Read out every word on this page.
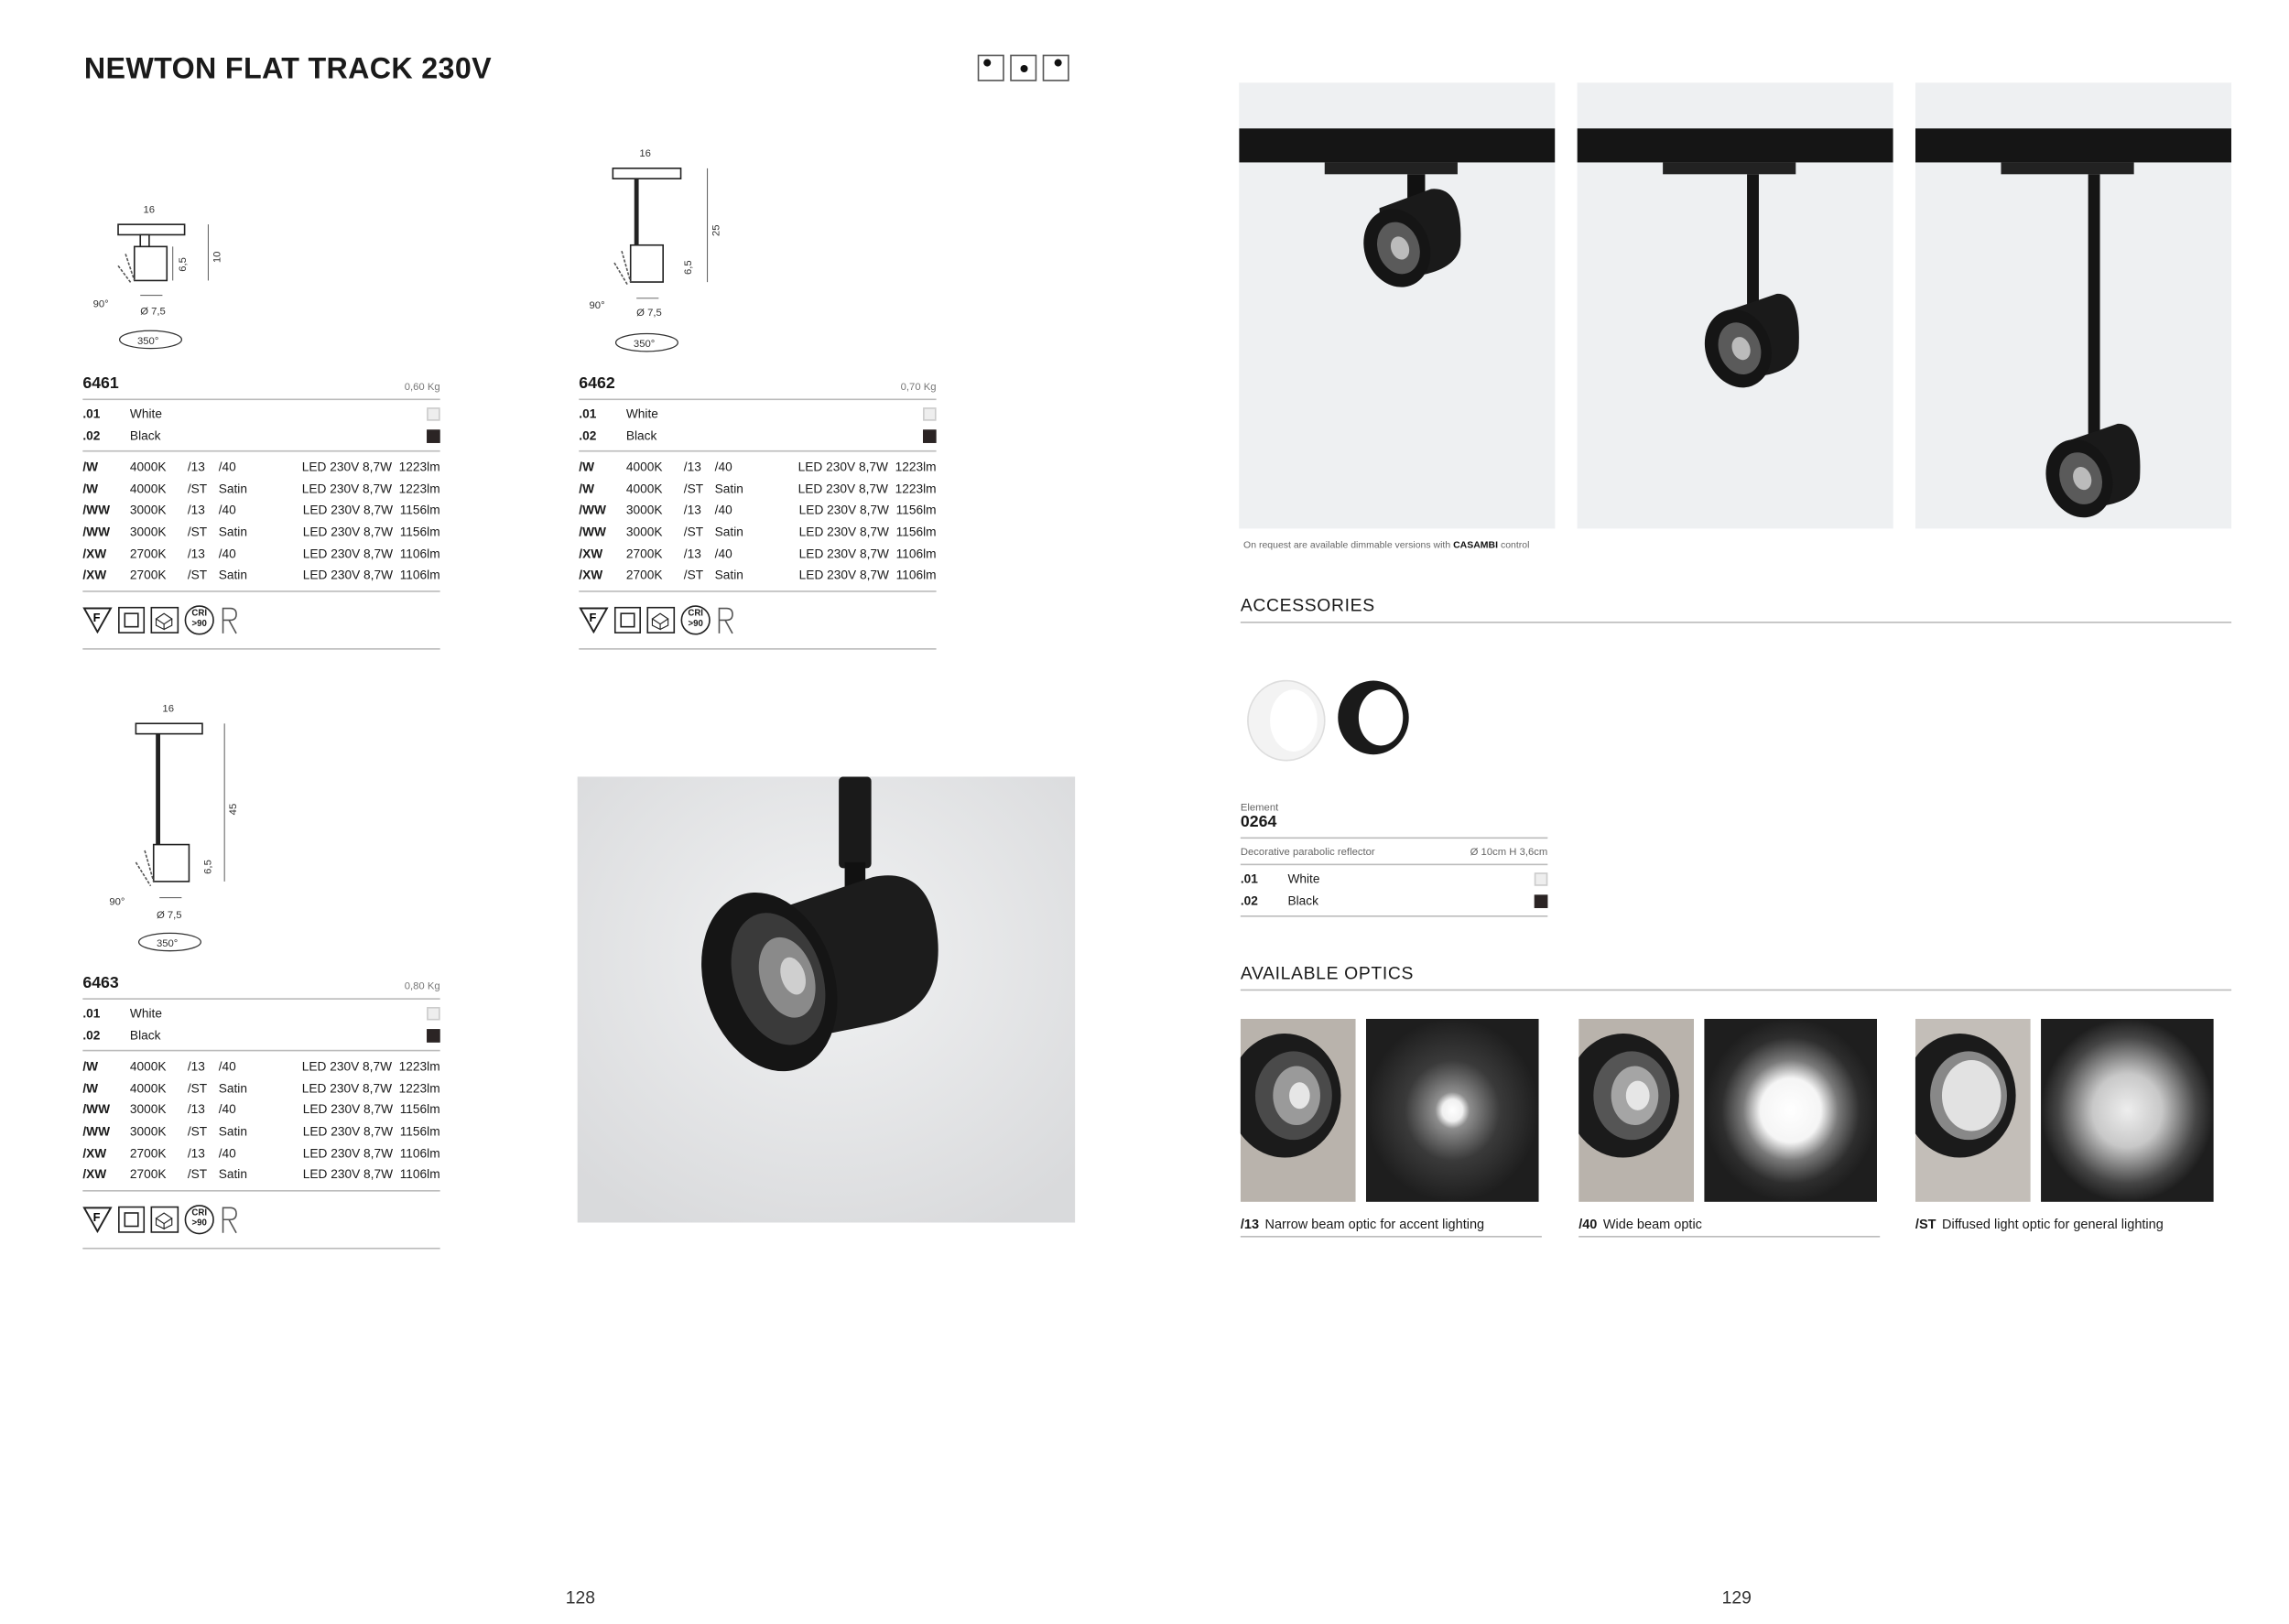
NEWTON FLAT TRACK 230V
16
6,5
10
90°
Ø 7,5
350°
16
25
6,5
90°
Ø 7,5
350°
16
45
6,5
90°
Ø 7,5
350°
6461	0,60 Kg
.01	White
.02	Black
/W	4000K	/13	/40	LED 230V 8,7W 1223lm
/W	4000K	/ST	Satin	LED 230V 8,7W 1223lm
/WW	3000K	/13	/40	LED 230V 8,7W 1156lm
/WW	3000K	/ST	Satin	LED 230V 8,7W 1156lm
/XW	2700K	/13	/40	LED 230V 8,7W 1106lm
/XW	2700K	/ST	Satin	LED 230V 8,7W 1106lm
F	CRI
>90
6462	0,70 Kg
.01	White
.02	Black
/W	4000K	/13	/40	LED 230V 8,7W 1223lm
/W	4000K	/ST	Satin	LED 230V 8,7W 1223lm
/WW	3000K	/13	/40	LED 230V 8,7W 1156lm
/WW	3000K	/ST	Satin	LED 230V 8,7W 1156lm
/XW	2700K	/13	/40	LED 230V 8,7W 1106lm
/XW	2700K	/ST	Satin	LED 230V 8,7W 1106lm
F	CRI
>90
6463	0,80 Kg
.01	White
.02	Black
/W	4000K	/13	/40	LED 230V 8,7W 1223lm
/W	4000K	/ST	Satin	LED 230V 8,7W 1223lm
/WW	3000K	/13	/40	LED 230V 8,7W 1156lm
/WW	3000K	/ST	Satin	LED 230V 8,7W 1156lm
/XW	2700K	/13	/40	LED 230V 8,7W 1106lm
/XW	2700K	/ST	Satin	LED 230V 8,7W 1106lm
F	CRI
>90
128
On request are available dimmable versions with CASAMBI control
ACCESSORIES
Element
0264
Decorative parabolic reflector	Ø 10cm H 3,6cm
.01	White
.02	Black
AVAILABLE OPTICS
/13 Narrow beam optic for accent lighting	/40 Wide beam optic	/ST Diffused light optic for general lighting
129
